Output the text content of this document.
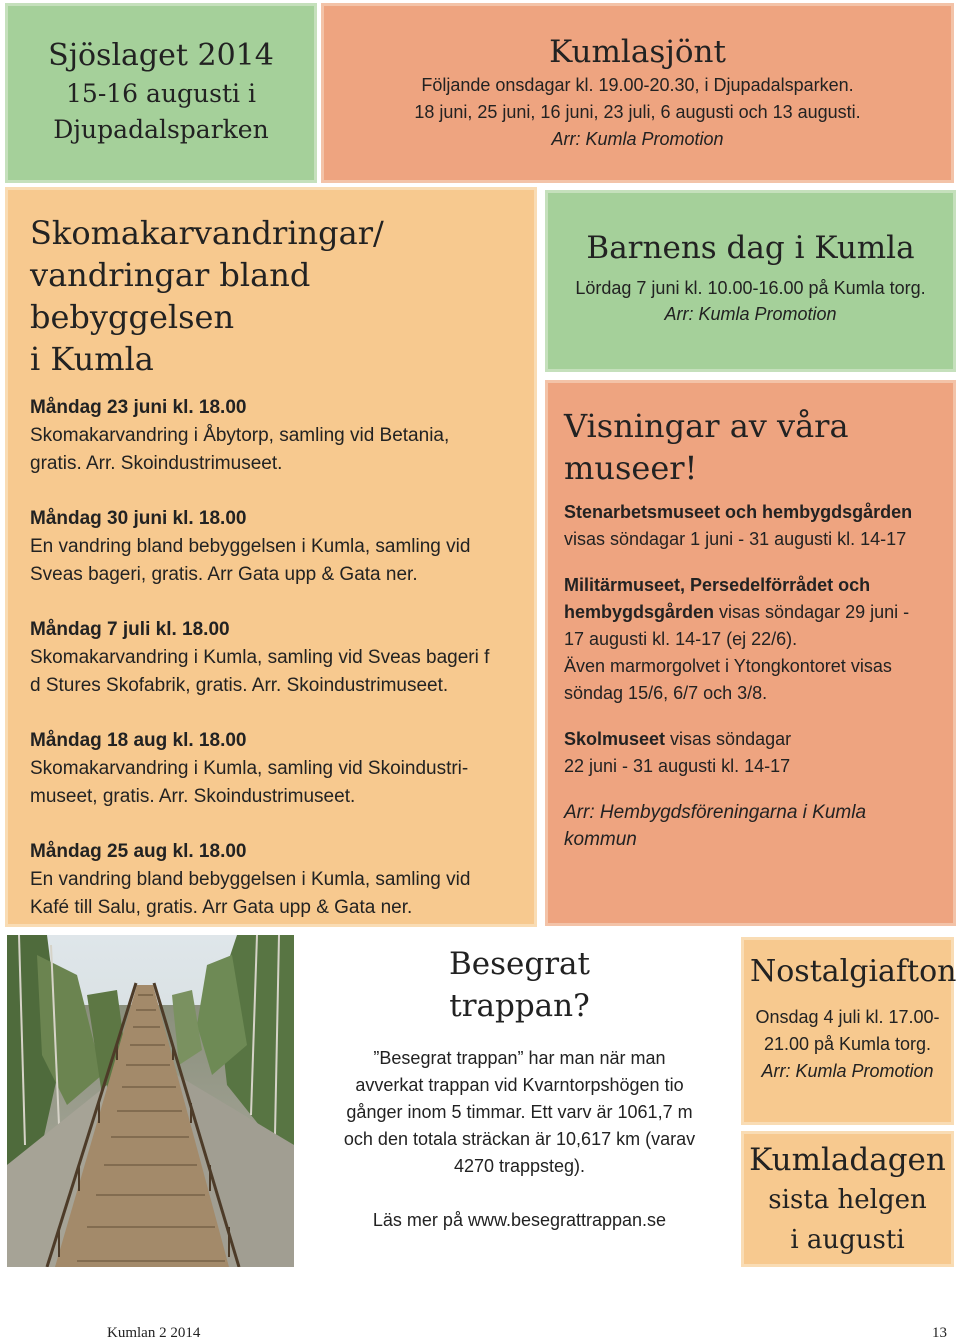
Sjöslaget 2014

15-16 augusti i

Djupadalsparken

Kumlasjönt

Följande onsdagar kl. 19.00-20.30, i Djupadalsparken.

18 juni, 25 juni, 16 juni, 23 juli, 6 augusti och 13 augusti.

Arr: Kumla Promotion

Skomakarvandringar/
vandringar bland bebyggelsen
i Kumla
Måndag 23 juni kl. 18.00
Skomakarvandring i Åbytorp, samling vid Betania,
gratis. Arr. Skoindustrimuseet.
Måndag 30 juni kl. 18.00
En vandring bland bebyggelsen i Kumla, samling vid
Sveas bageri, gratis. Arr Gata upp & Gata ner.
Måndag 7 juli kl. 18.00
Skomakarvandring i Kumla, samling vid Sveas bageri f
d Stures Skofabrik, gratis. Arr. Skoindustrimuseet.
Måndag 18 aug kl. 18.00
Skomakarvandring i Kumla, samling vid Skoindustri-
museet, gratis. Arr. Skoindustrimuseet.
Måndag 25 aug kl. 18.00
En vandring bland bebyggelsen i Kumla, samling vid
Kafé till Salu, gratis. Arr Gata upp & Gata ner.

Barnens dag i Kumla

Lördag 7 juni kl. 10.00-16.00 på Kumla torg.

Arr: Kumla Promotion

Visningar av våra
museer!
Stenarbetsmuseet och hembygdsgården
visas söndagar 1 juni - 31 augusti kl. 14-17
Militärmuseet, Persedelförrådet och
hembygdsgården visas söndagar 29 juni -
17 augusti kl. 14-17 (ej 22/6).
Även marmorgolvet i Ytongkontoret visas
söndag 15/6, 6/7 och 3/8.
Skolmuseet visas söndagar
22 juni - 31 augusti kl. 14-17
Arr: Hembygdsföreningarna i Kumla
kommun
Besegrat
trappan?
”Besegrat trappan” har man när man
avverkat trappan vid Kvarntorpshögen tio
gånger inom 5 timmar. Ett varv är 1061,7 m
och den totala sträckan är 10,617 km (varav
4270 trappsteg).
Läs mer på www.besegrattrappan.se

Nostalgiafton

Onsdag 4 juli kl. 17.00-

21.00 på Kumla torg.

Arr: Kumla Promotion

Kumladagen

sista helgen

i augusti

Kumlan 2 2014	13
